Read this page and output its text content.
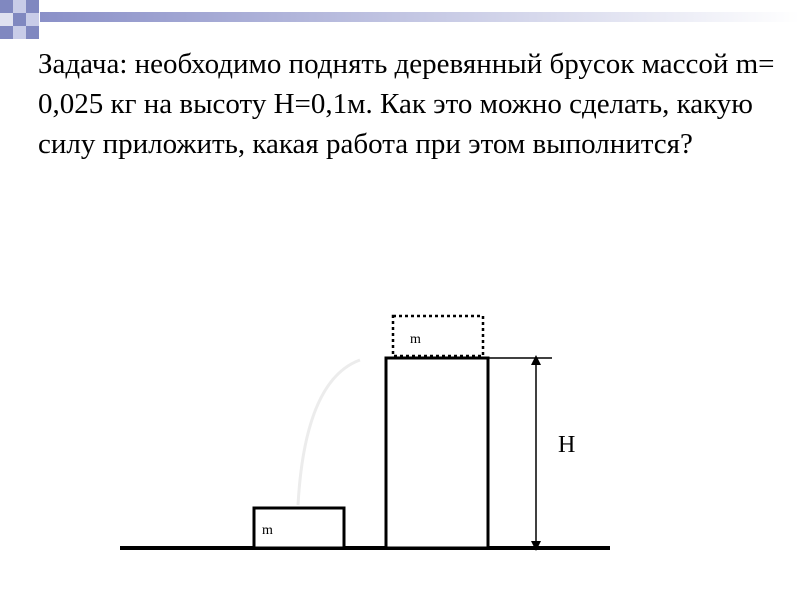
Задача: необходимо поднять деревянный брусок массой m= 0,025 кг на высоту H=0,1м. Как это можно сделать, какую силу приложить, какая работа при этом выполнится?

m
m
H
